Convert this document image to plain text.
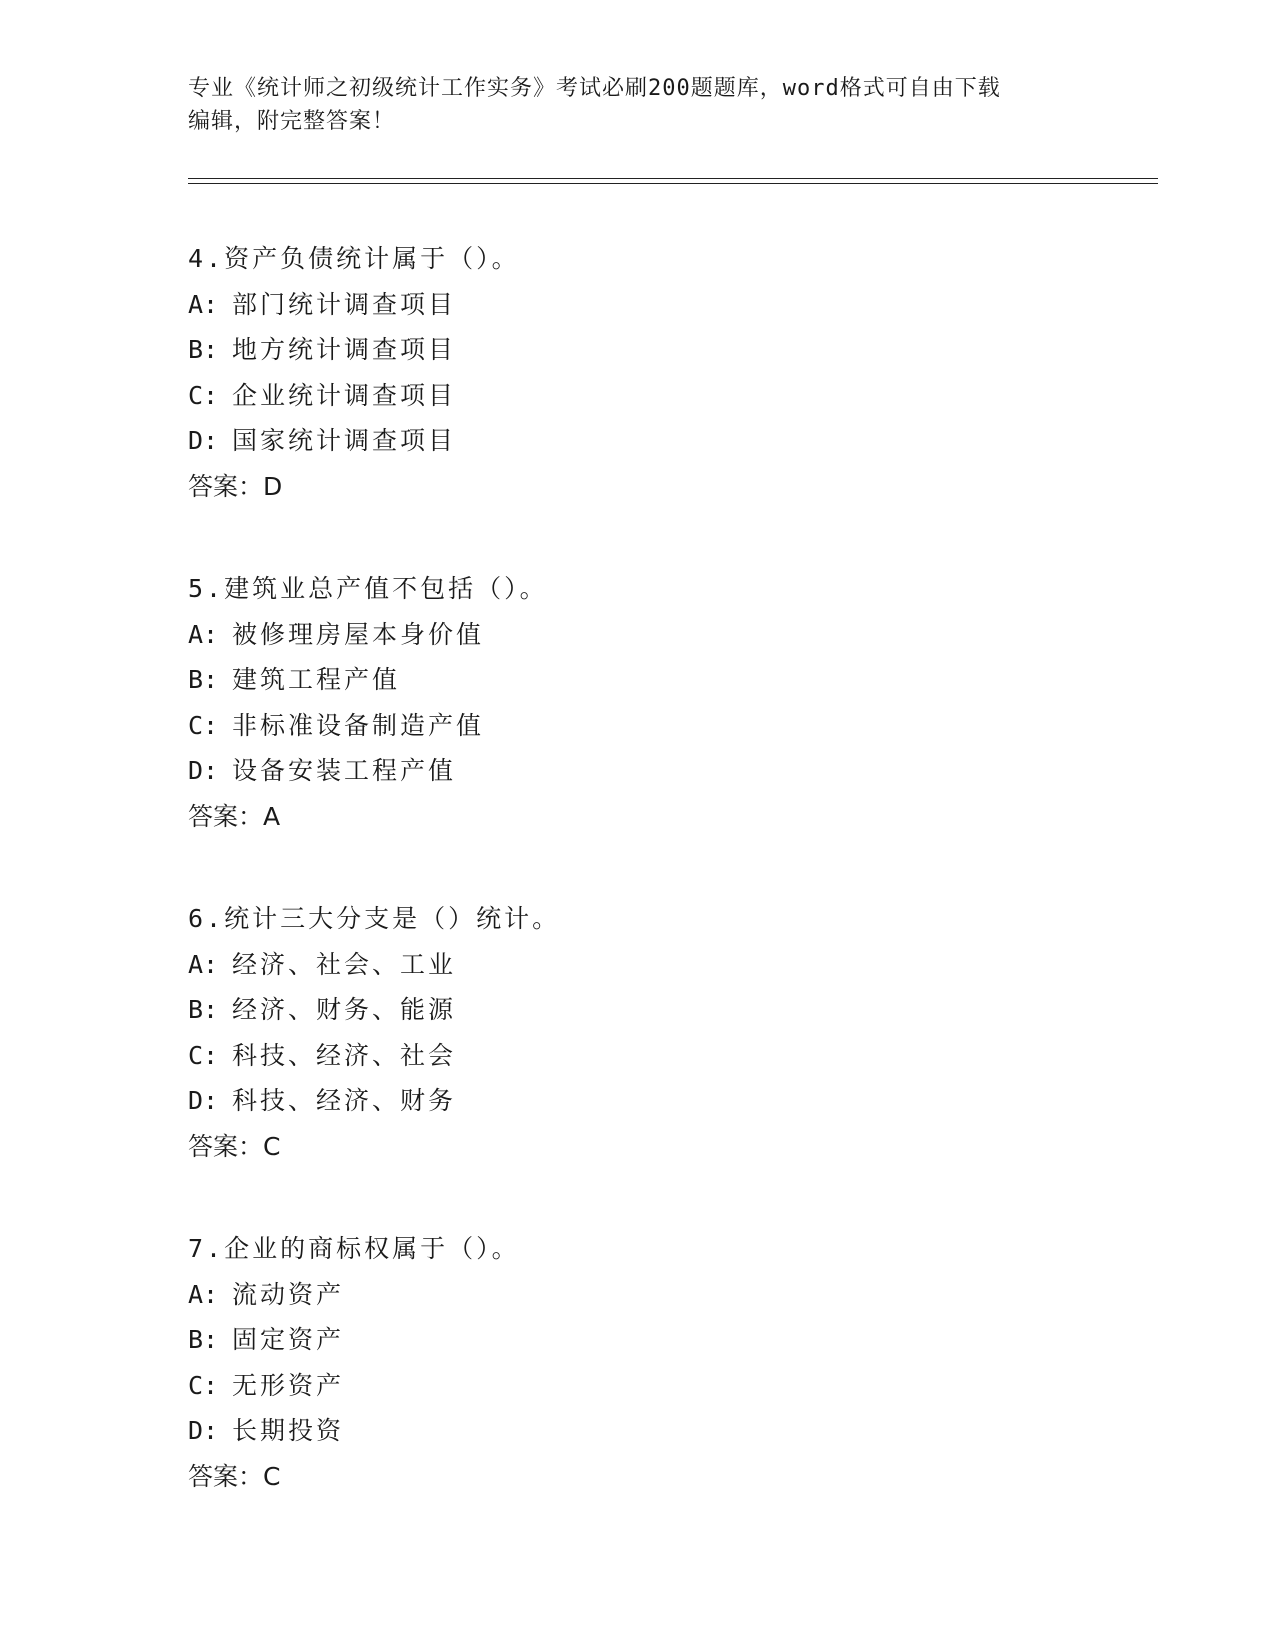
专业《统计师之初级统计工作实务》考试必刷200题题库，word格式可自由下载
编辑，附完整答案！
4.资产负债统计属于（）。
A: 部门统计调查项目
B: 地方统计调查项目
C: 企业统计调查项目
D: 国家统计调查项目
答案：D
5.建筑业总产值不包括（）。
A: 被修理房屋本身价值
B: 建筑工程产值
C: 非标准设备制造产值
D: 设备安装工程产值
答案：A
6.统计三大分支是（）统计。
A: 经济、社会、工业
B: 经济、财务、能源
C: 科技、经济、社会
D: 科技、经济、财务
答案：C
7.企业的商标权属于（）。
A: 流动资产
B: 固定资产
C: 无形资产
D: 长期投资
答案：C
